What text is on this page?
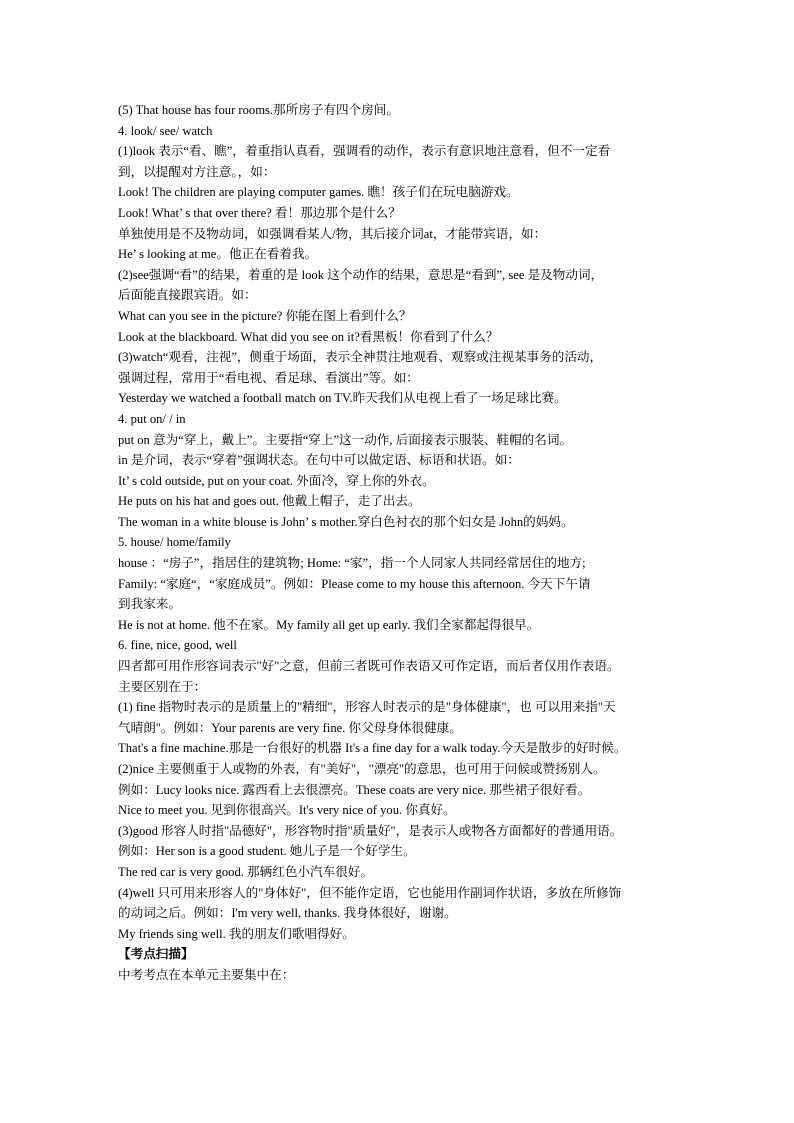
(5) That house has four rooms.那所房子有四个房间。

4. look/ see/ watch

(1)look 表示“看、瞧”，着重指认真看，强调看的动作，表示有意识地注意看，但不一定看

到，以提醒对方注意。，如：

Look! The children are playing computer games. 瞧！孩子们在玩电脑游戏。

Look! What’ s that over there? 看！那边那个是什么？

单独使用是不及物动词，如强调看某人/物，其后接介词at，才能带宾语，如：

He’ s looking at me。他正在看着我。

(2)see强调“看”的结果，着重的是 look 这个动作的结果，意思是“看到”, see 是及物动词，

后面能直接跟宾语。如：

What can you see in the picture? 你能在图上看到什么？

Look at the blackboard. What did you see on it?看黑板！你看到了什么？

(3)watch“观看，注视”，侧重于场面，表示全神贯注地观看、观察或注视某事务的活动，

强调过程，常用于“看电视、看足球、看演出”等。如：

Yesterday we watched a football match on TV.昨天我们从电视上看了一场足球比赛。

4. put on/ / in

put on 意为“穿上，戴上”。主要指“穿上”这一动作, 后面接表示服装、鞋帽的名词。

in 是介词，表示“穿着”强调状态。在句中可以做定语、标语和状语。如：

It’ s cold outside, put on your coat. 外面冷，穿上你的外衣。

He puts on his hat and goes out. 他戴上帽子，走了出去。

The woman in a white blouse is John’ s mother.穿白色衬衣的那个妇女是 John的妈妈。

5. house/ home/family

house ：“房子”，指居住的建筑物; Home: “家”，指一个人同家人共同经常居住的地方;

Family: “家庭“，“家庭成员”。例如：Please come to my house this afternoon. 今天下午请

到我家来。

He is not at home. 他不在家。My family all get up early. 我们全家都起得很早。

6. fine, nice, good, well

四者都可用作形容词表示"好"之意，但前三者既可作表语又可作定语，而后者仅用作表语。

主要区别在于：

(1) fine 指物时表示的是质量上的"精细"，形容人时表示的是"身体健康"，也 可以用来指"天

气晴朗"。例如：Your parents are very fine. 你父母身体很健康。

That's a fine machine.那是一台很好的机器 It's a fine day for a walk today.今天是散步的好时候。

(2)nice 主要侧重于人或物的外表，有"美好"，"漂亮"的意思，也可用于问候或赞扬别人。

例如：Lucy looks nice. 露西看上去很漂亮。These coats are very nice. 那些裙子很好看。

Nice to meet you. 见到你很高兴。It's very nice of you. 你真好。

(3)good 形容人时指"品德好"，形容物时指"质量好"，是表示人或物各方面都好的普通用语。

例如：Her son is a good student. 她儿子是一个好学生。

The red car is very good. 那辆红色小汽车很好。

(4)well 只可用来形容人的"身体好"，但不能作定语，它也能用作副词作状语，多放在所修饰

的动词之后。例如：I'm very well, thanks. 我身体很好，谢谢。

My friends sing well. 我的朋友们歌唱得好。

【考点扫描】

中考考点在本单元主要集中在：
